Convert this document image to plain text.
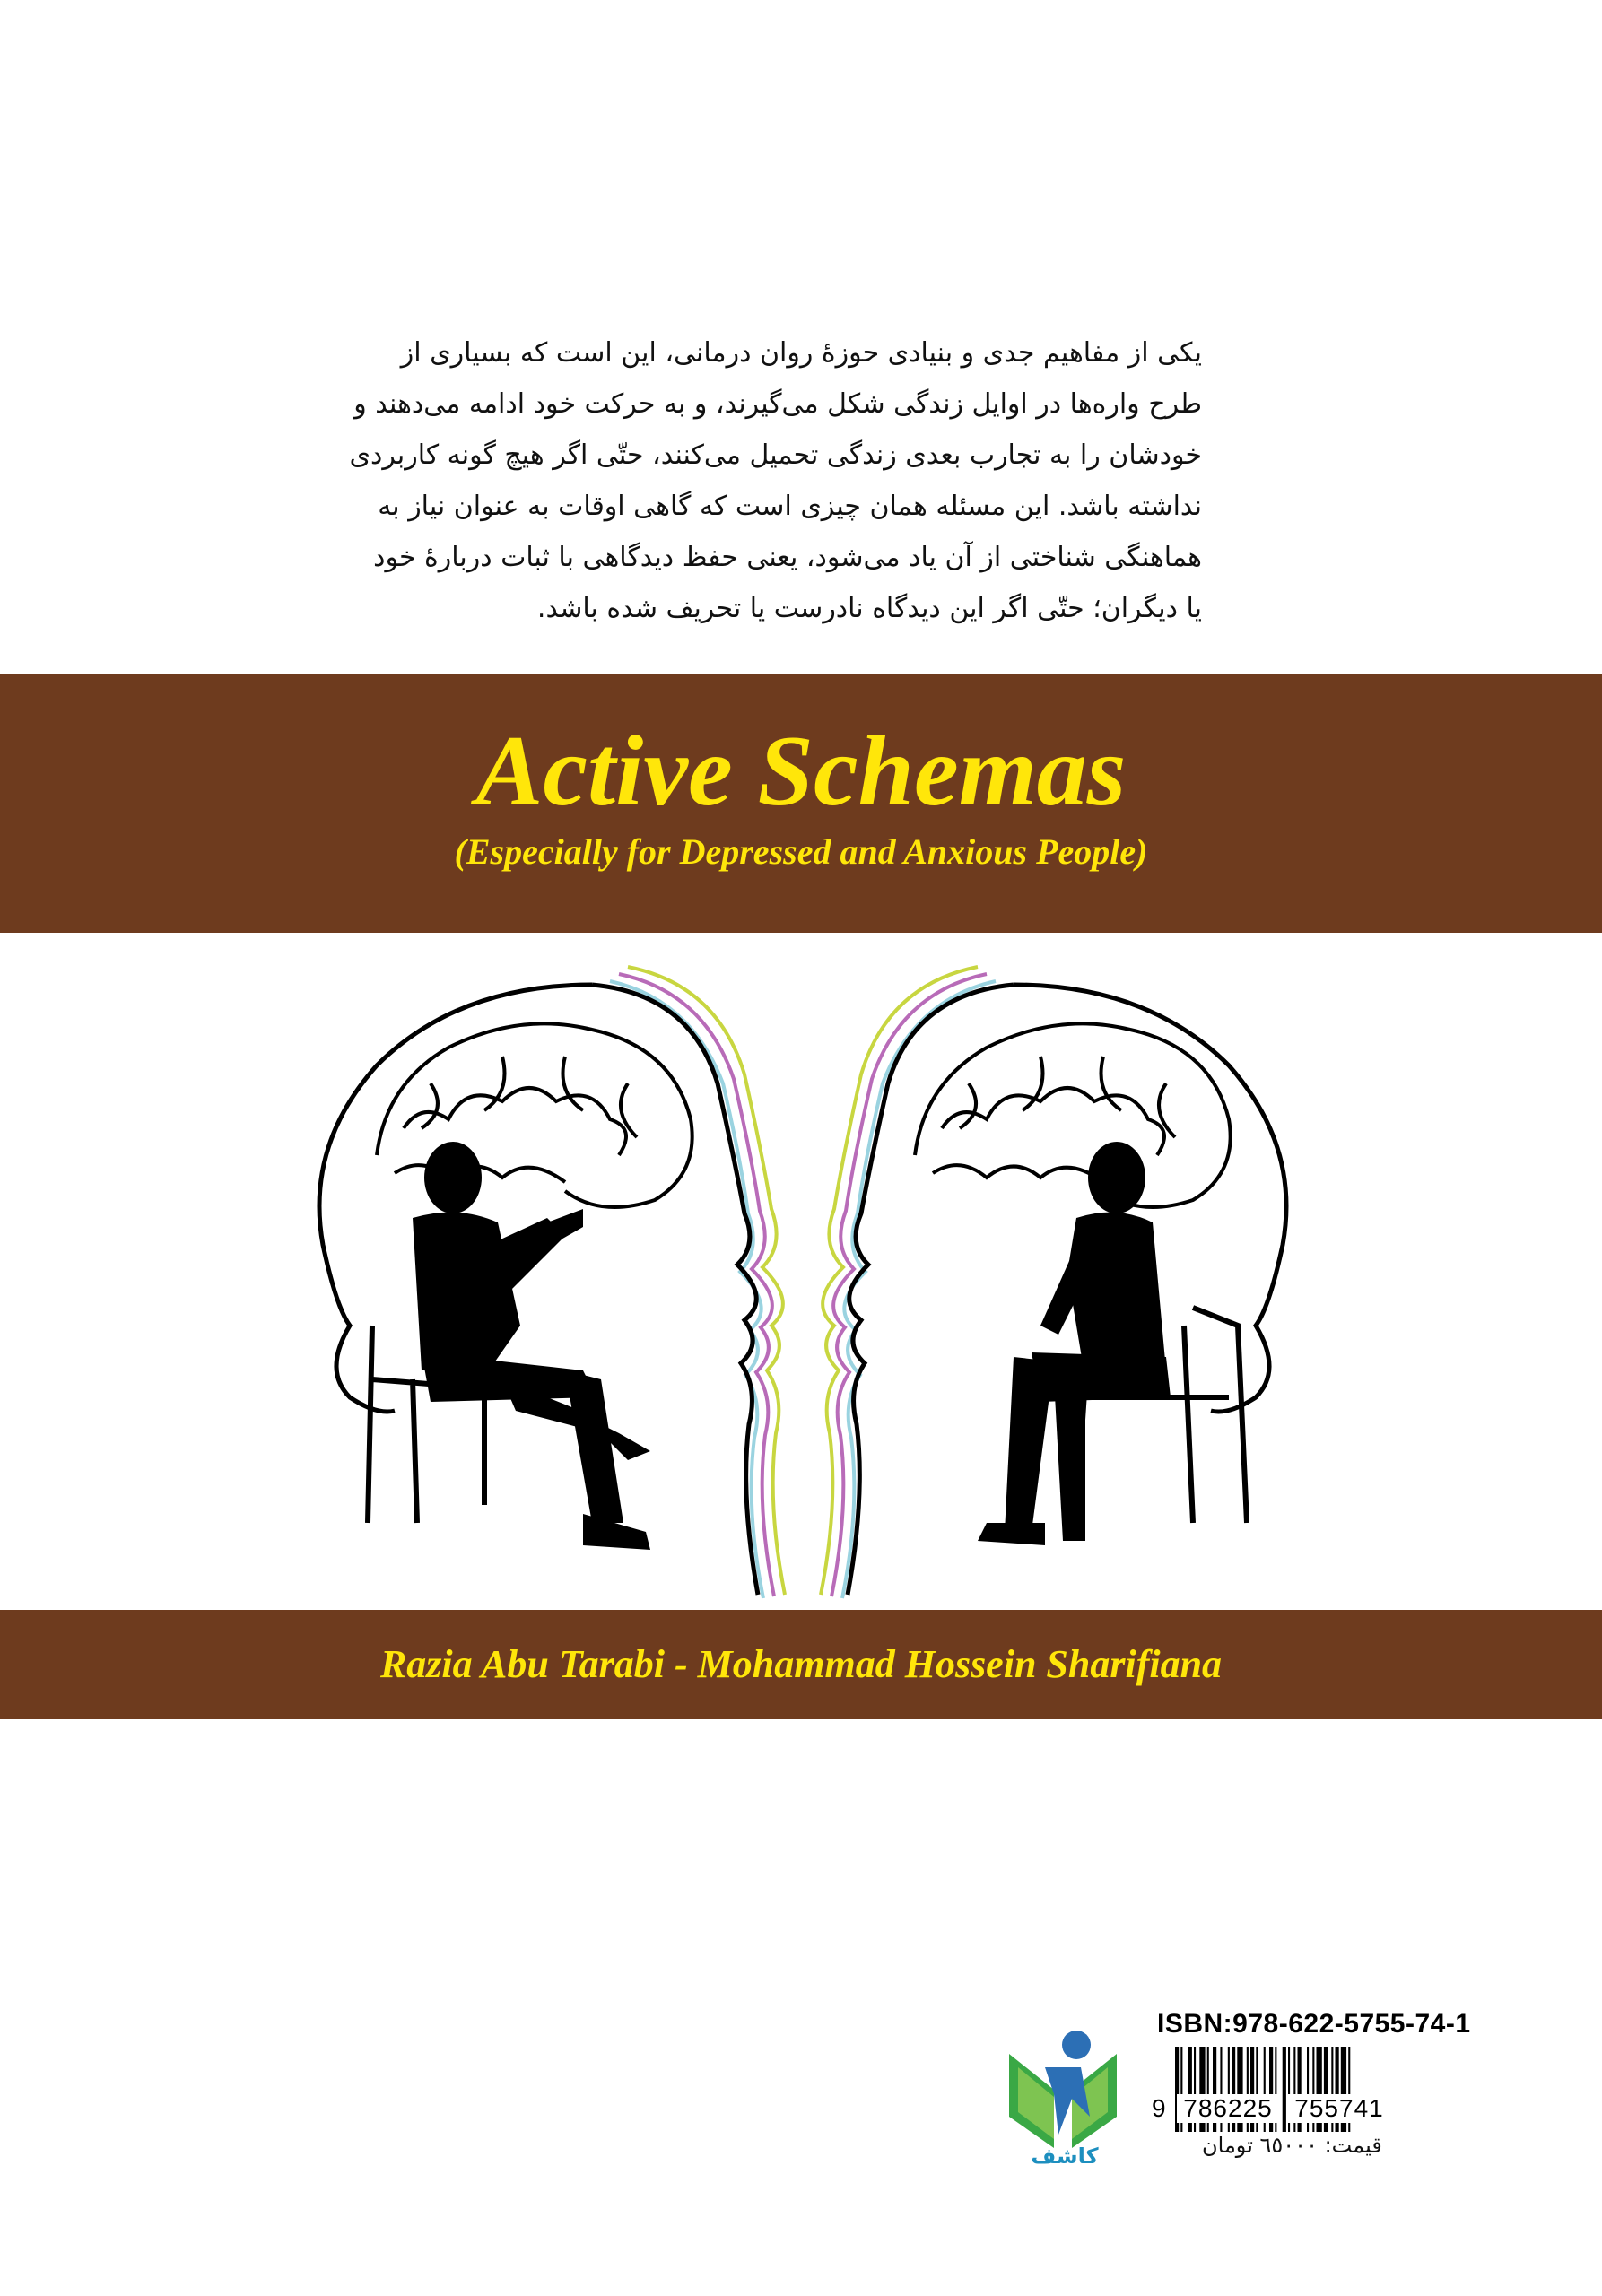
یکی از مفاهیم جدی و بنیادی حوزهٔ روان درمانی، این است که بسیاری از
طرح واره‌ها در اوایل زندگی شکل می‌گیرند، و به حرکت خود ادامه می‌دهند و
خودشان را به تجارب بعدی زندگی تحمیل می‌کنند، حتّی اگر هیچ گونه کاربردی
نداشته باشد. این مسئله همان چیزی است که گاهی اوقات به عنوان نیاز به
هماهنگی شناختی از آن یاد می‌شود، یعنی حفظ دیدگاهی با ثبات دربارهٔ خود
یا دیگران؛ حتّی اگر این دیدگاه نادرست یا تحریف شده باشد.
Active Schemas
(Especially for Depressed and Anxious People)
Razia Abu Tarabi - Mohammad Hossein Sharifiana
کاشف
ISBN:978-622-5755-74-1
9 786225 755741
قیمت: ٦٥٠٠٠ تومان
